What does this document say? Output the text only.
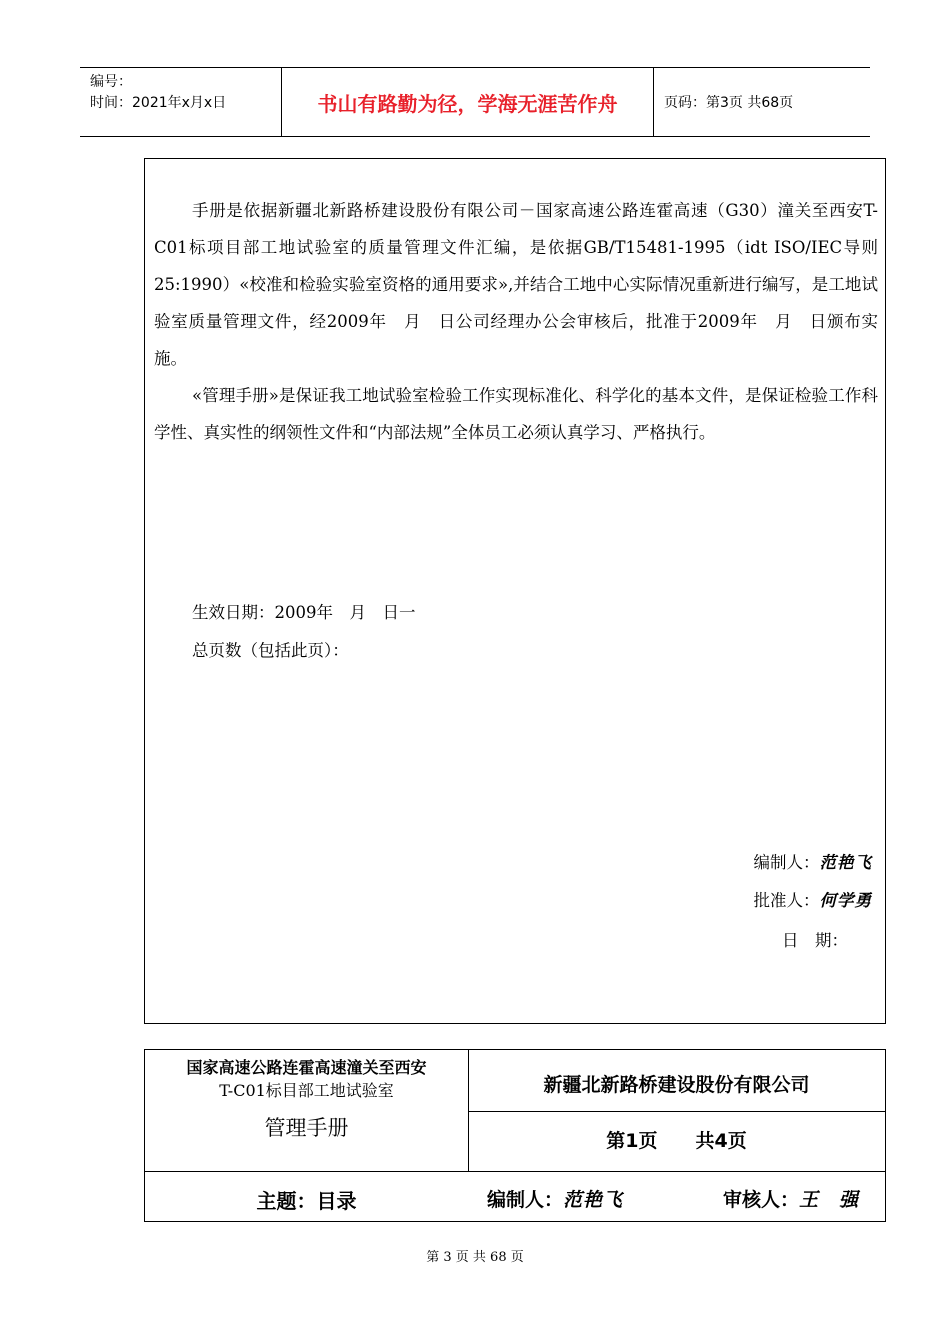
编号：
时间：2021年x月x日	书山有路勤为径，学海无涯苦作舟	页码：第3页 共68页
手册是依据新疆北新路桥建设股份有限公司－国家高速公路连霍高速（G30）潼关至西安T-C01标项目部工地试验室的质量管理文件汇编，是依据GB/T15481-1995（idt ISO/IEC导则25:1990）«校准和检验实验室资格的通用要求»,并结合工地中心实际情况重新进行编写，是工地试验室质量管理文件，经2009年　月　日公司经理办公会审核后，批准于2009年　月　日颁布实施。
«管理手册»是保证我工地试验室检验工作实现标准化、科学化的基本文件，是保证检验工作科学性、真实性的纲领性文件和“内部法规”全体员工必须认真学习、严格执行。
生效日期：2009年　月　日一
总页数（包括此页）：
编制人：范艳飞
批准人：何学勇
日　期：
国家高速公路连霍高速潼关至西安
T-C01标目部工地试验室
管理手册
新疆北新路桥建设股份有限公司
第1页　　共4页
主题：目录	编制人：范艳飞	审核人：王　强
第 3 页 共 68 页
